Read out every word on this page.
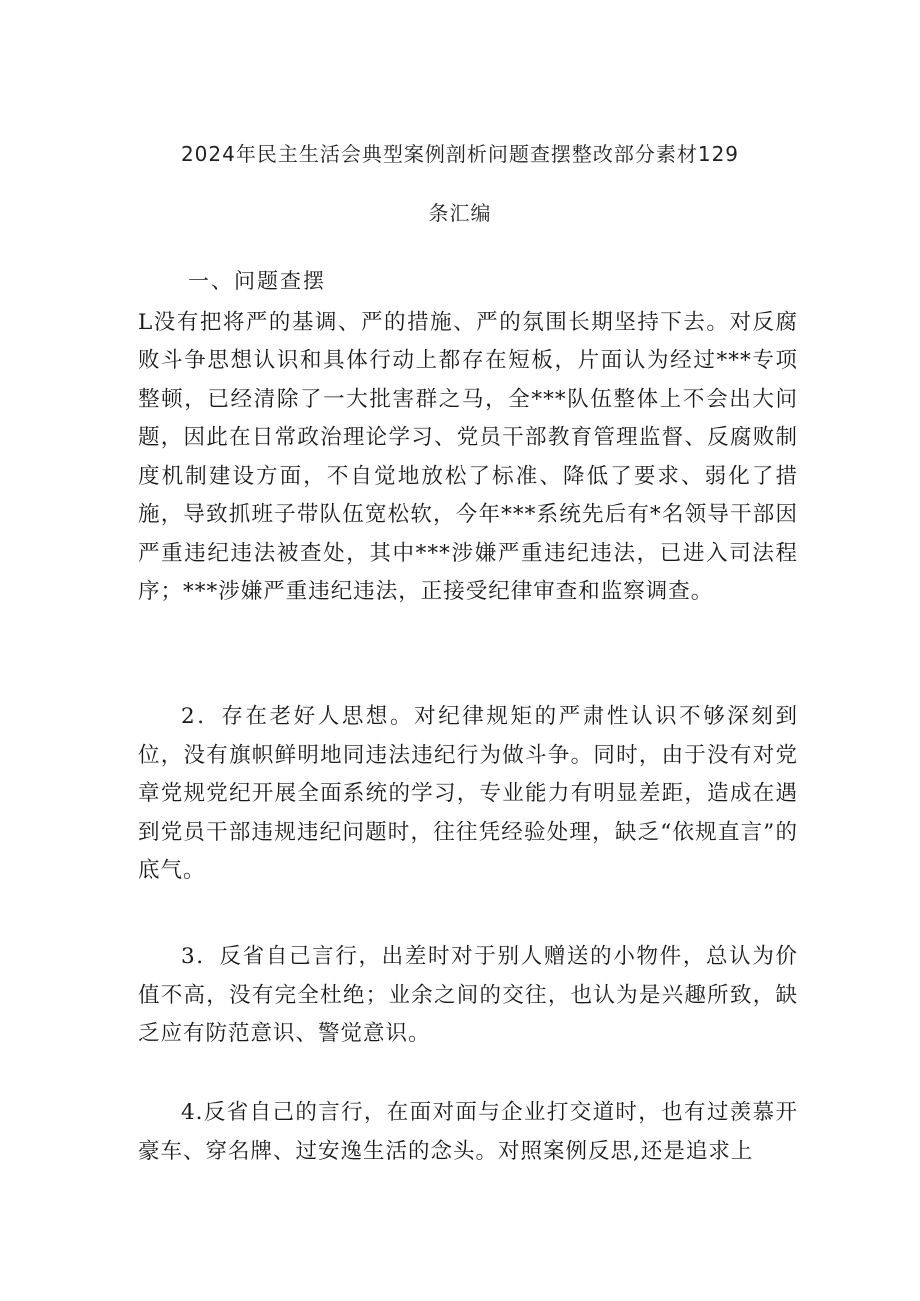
2024年民主生活会典型案例剖析问题查摆整改部分素材129
条汇编

一、问题查摆
L没有把将严的基调、严的措施、严的氛围长期坚持下去。对反腐败斗争思想认识和具体行动上都存在短板，片面认为经过***专项整顿，已经清除了一大批害群之马，全***队伍整体上不会出大问题，因此在日常政治理论学习、党员干部教育管理监督、反腐败制度机制建设方面，不自觉地放松了标准、降低了要求、弱化了措施，导致抓班子带队伍宽松软，今年***系统先后有*名领导干部因严重违纪违法被查处，其中***涉嫌严重违纪违法，已进入司法程序；***涉嫌严重违纪违法，正接受纪律审查和监察调查。

2．存在老好人思想。对纪律规矩的严肃性认识不够深刻到位，没有旗帜鲜明地同违法违纪行为做斗争。同时，由于没有对党章党规党纪开展全面系统的学习，专业能力有明显差距，造成在遇到党员干部违规违纪问题时，往往凭经验处理，缺乏“依规直言”的底气。

3．反省自己言行，出差时对于别人赠送的小物件，总认为价值不高，没有完全杜绝；业余之间的交往，也认为是兴趣所致，缺乏应有防范意识、警觉意识。

4.反省自己的言行，在面对面与企业打交道时，也有过羡慕开豪车、穿名牌、过安逸生活的念头。对照案例反思,还是追求上
